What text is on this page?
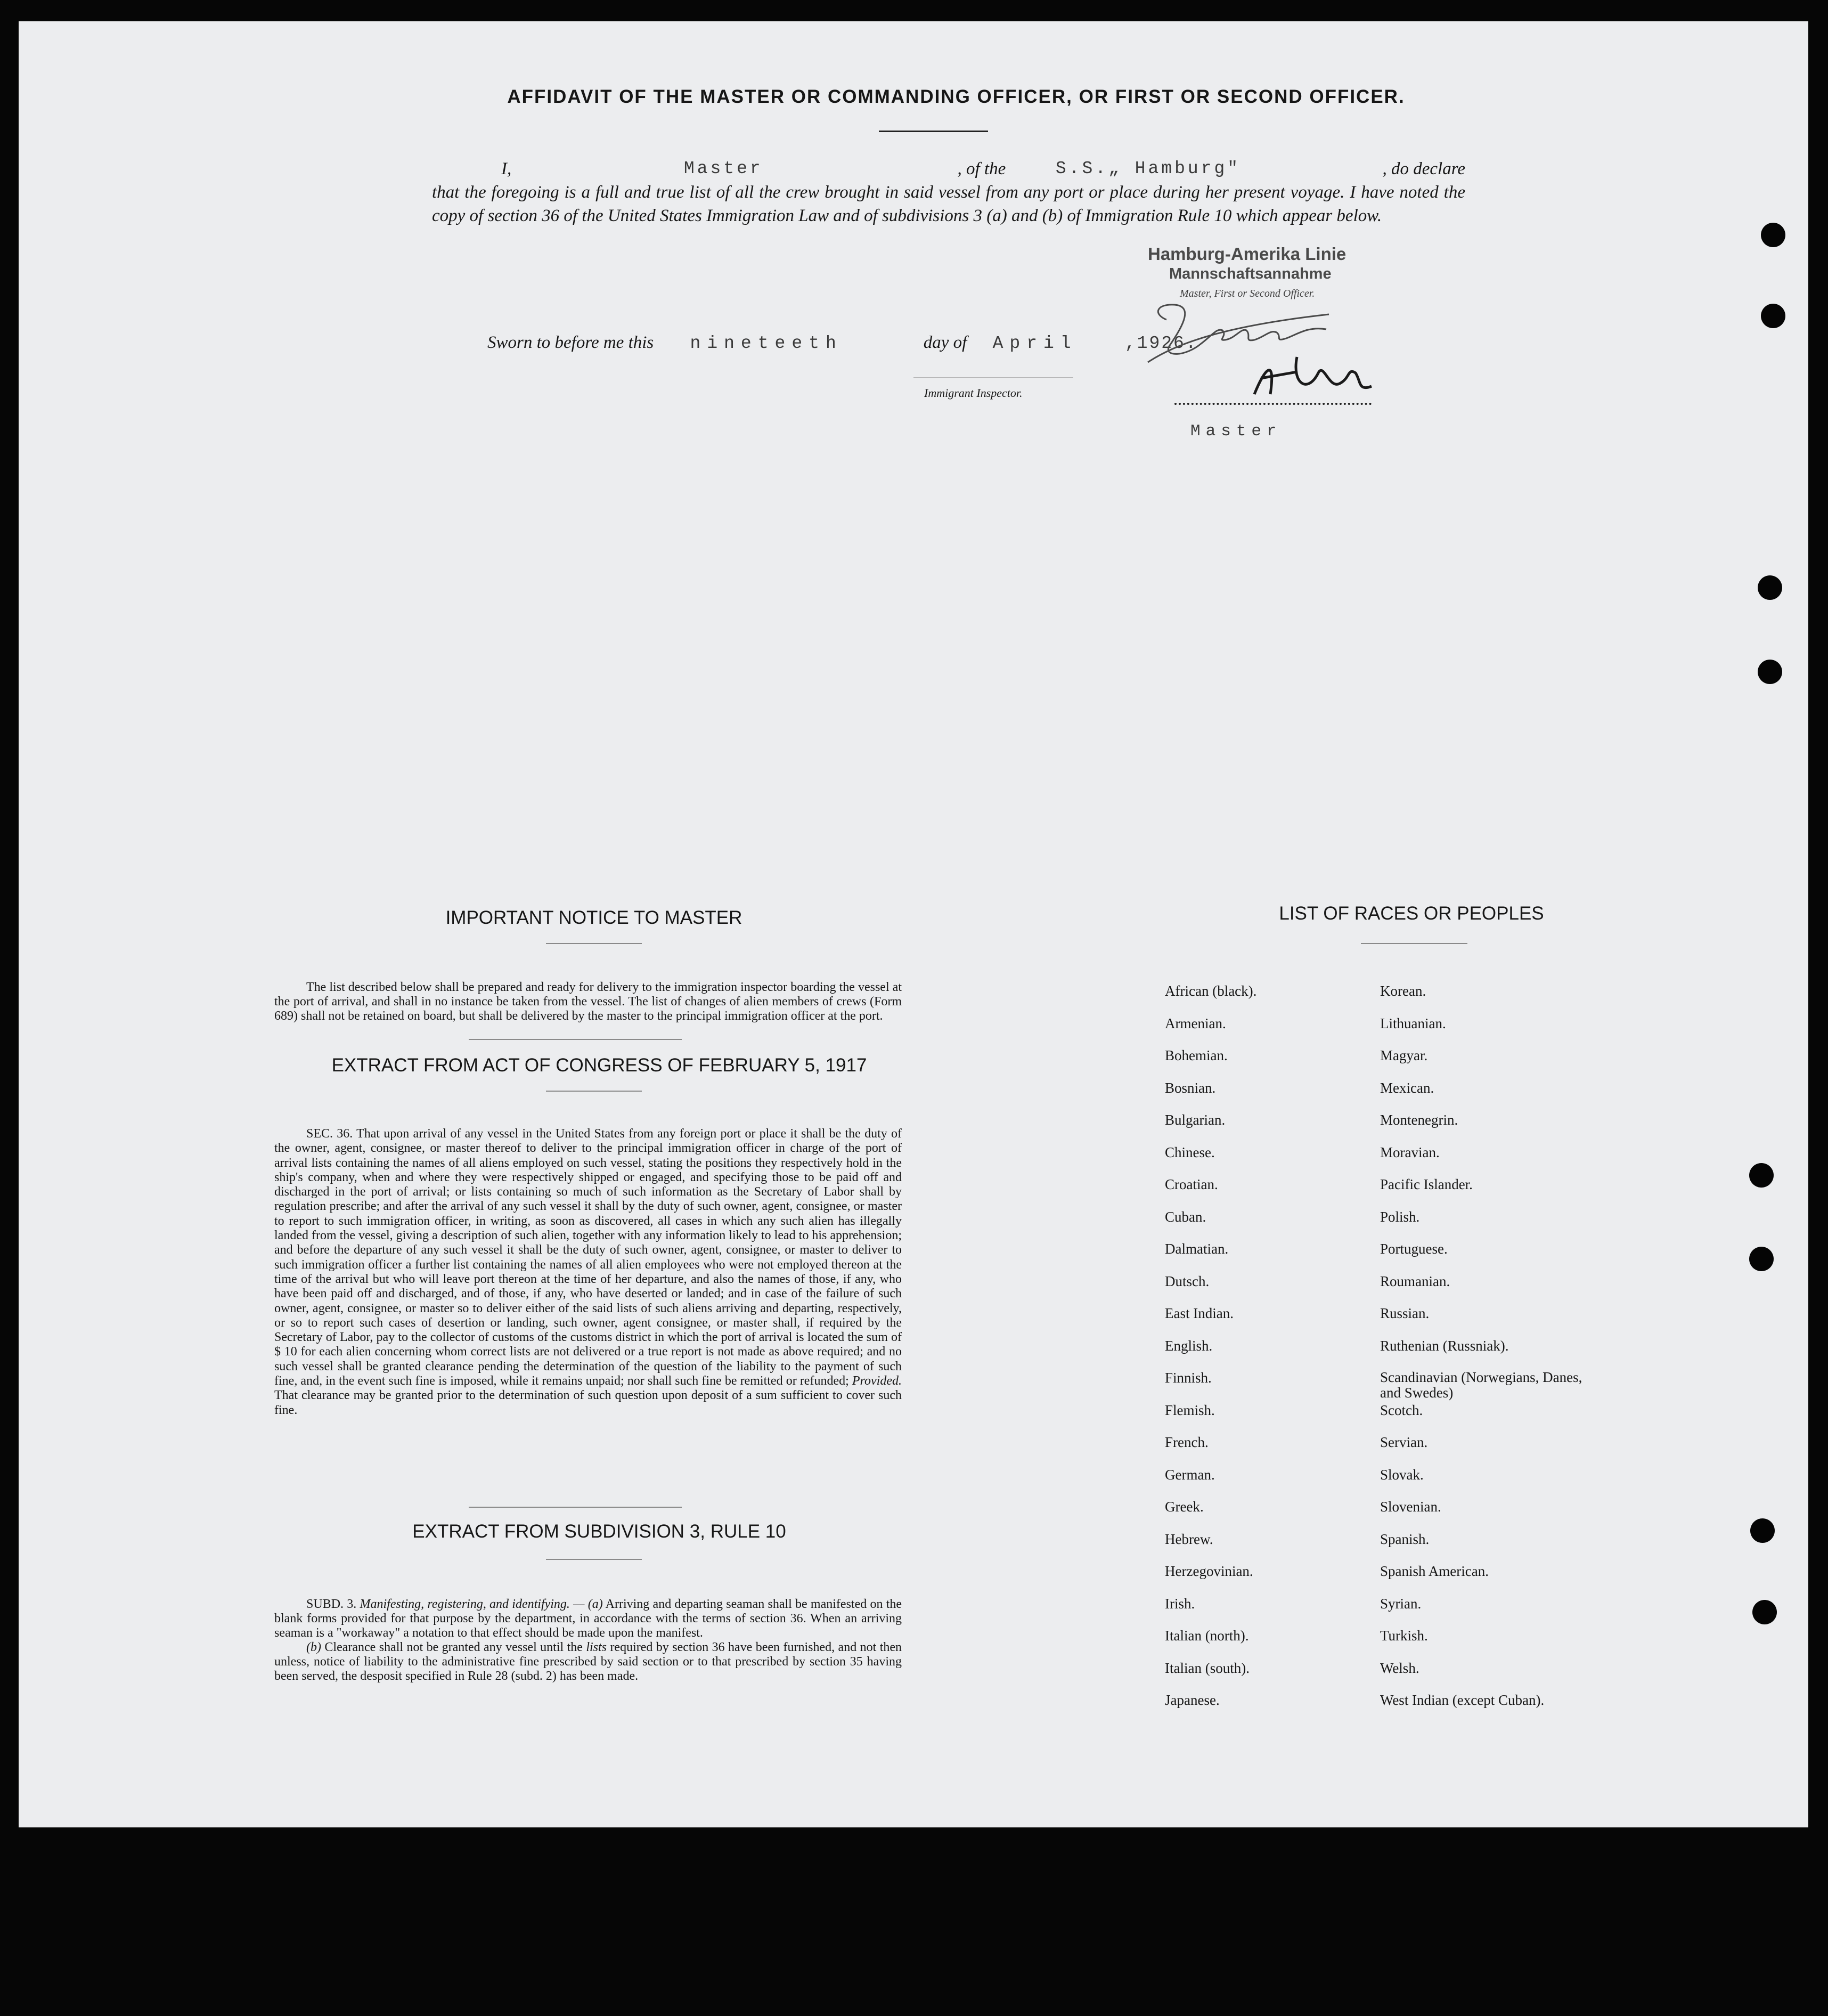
AFFIDAVIT OF THE MASTER OR COMMANDING OFFICER, OR FIRST OR SECOND OFFICER.
I,	Master	, of the	S.S.„ Hamburg"	, do declare
that the foregoing is a full and true list of all the crew brought in said vessel from any port or place during her present voyage. I have noted the copy of section 36 of the United States Immigration Law and of subdivisions 3 (a) and (b) of Immigration Rule 10 which appear below.
Hamburg-Amerika Linie
Mannschaftsannahme
Master, First or Second Officer.
Sworn to before me this nineteeth	day of April	,1926.
Immigrant Inspector.
Master
IMPORTANT NOTICE TO MASTER
The list described below shall be prepared and ready for delivery to the immigration inspector boarding the vessel at the port of arrival, and shall in no instance be taken from the vessel. The list of changes of alien members of crews (Form 689) shall not be retained on board, but shall be delivered by the master to the principal immigration officer at the port.
EXTRACT FROM ACT OF CONGRESS OF FEBRUARY 5, 1917
SEC. 36. That upon arrival of any vessel in the United States from any foreign port or place it shall be the duty of the owner, agent, consignee, or master thereof to deliver to the principal immigration officer in charge of the port of arrival lists containing the names of all aliens employed on such vessel, stating the positions they respectively hold in the ship's company, when and where they were respectively shipped or engaged, and specifying those to be paid off and discharged in the port of arrival; or lists containing so much of such information as the Secretary of Labor shall by regulation prescribe; and after the arrival of any such vessel it shall by the duty of such owner, agent, consignee, or master to report to such immigration officer, in writing, as soon as discovered, all cases in which any such alien has illegally landed from the vessel, giving a description of such alien, together with any information likely to lead to his apprehension; and before the departure of any such vessel it shall be the duty of such owner, agent, consignee, or master to deliver to such immigration officer a further list containing the names of all alien employees who were not employed thereon at the time of the arrival but who will leave port thereon at the time of her departure, and also the names of those, if any, who have been paid off and discharged, and of those, if any, who have deserted or landed; and in case of the failure of such owner, agent, consignee, or master so to deliver either of the said lists of such aliens arriving and departing, respectively, or so to report such cases of desertion or landing, such owner, agent consignee, or master shall, if required by the Secretary of Labor, pay to the collector of customs of the customs district in which the port of arrival is located the sum of $ 10 for each alien concerning whom correct lists are not delivered or a true report is not made as above required; and no such vessel shall be granted clearance pending the determination of the question of the liability to the payment of such fine, and, in the event such fine is imposed, while it remains unpaid; nor shall such fine be remitted or refunded; Provided. That clearance may be granted prior to the determination of such question upon deposit of a sum sufficient to cover such fine.
EXTRACT FROM SUBDIVISION 3, RULE 10
SUBD. 3. Manifesting, registering, and identifying. — (a) Arriving and departing seaman shall be manifested on the blank forms provided for that purpose by the department, in accordance with the terms of section 36. When an arriving seaman is a "workaway" a notation to that effect should be made upon the manifest.
(b) Clearance shall not be granted any vessel until the lists required by section 36 have been furnished, and not then unless, notice of liability to the administrative fine prescribed by said section or to that prescribed by section 35 having been served, the desposit specified in Rule 28 (subd. 2) has been made.
LIST OF RACES OR PEOPLES
African (black).
Armenian.
Bohemian.
Bosnian.
Bulgarian.
Chinese.
Croatian.
Cuban.
Dalmatian.
Dutsch.
East Indian.
English.
Finnish.
Flemish.
French.
German.
Greek.
Hebrew.
Herzegovinian.
Irish.
Italian (north).
Italian (south).
Japanese.
Korean.
Lithuanian.
Magyar.
Mexican.
Montenegrin.
Moravian.
Pacific Islander.
Polish.
Portuguese.
Roumanian.
Russian.
Ruthenian (Russniak).
Scandinavian (Norwegians, Danes, and Swedes)
Scotch.
Servian.
Slovak.
Slovenian.
Spanish.
Spanish American.
Syrian.
Turkish.
Welsh.
West Indian (except Cuban).
